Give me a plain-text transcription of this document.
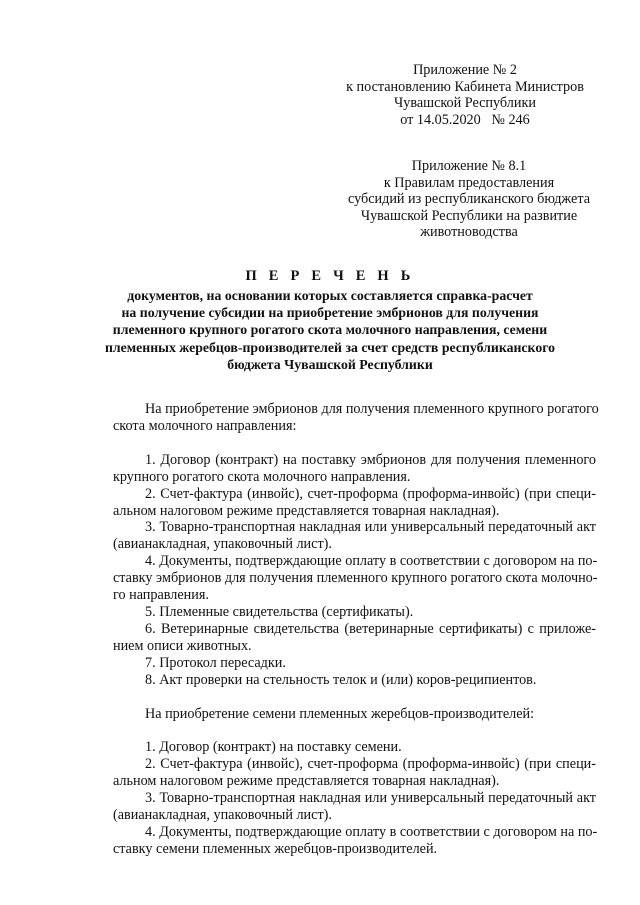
Приложение № 2
к постановлению Кабинета Министров
Чувашской Республики
от 14.05.2020   № 246
Приложение № 8.1
к Правилам предоставления
субсидий из республиканского бюджета
Чувашской Республики на развитие
животноводства
П Е Р Е Ч Е Н Ь
документов, на основании которых составляется справка-расчет
на получение субсидии на приобретение эмбрионов для получения
племенного крупного рогатого скота молочного направления, семени
племенных жеребцов-производителей за счет средств республиканского
бюджета Чувашской Республики
На приобретение эмбрионов для получения племенного крупного рогатого
скота молочного направления:
1. Договор (контракт) на поставку эмбрионов для получения племенного
крупного рогатого скота молочного направления.
2. Счет-фактура (инвойс), счет-проформа (проформа-инвойс) (при специ-
альном налоговом режиме представляется товарная накладная).
3. Товарно-транспортная накладная или универсальный передаточный акт
(авианакладная, упаковочный лист).
4. Документы, подтверждающие оплату в соответствии с договором на по-
ставку эмбрионов для получения племенного крупного рогатого скота молочно-
го направления.
5. Племенные свидетельства (сертификаты).
6. Ветеринарные свидетельства (ветеринарные сертификаты) с приложе-
нием описи животных.
7. Протокол пересадки.
8. Акт проверки на стельность телок и (или) коров-реципиентов.
На приобретение семени племенных жеребцов-производителей:
1. Договор (контракт) на поставку семени.
2. Счет-фактура (инвойс), счет-проформа (проформа-инвойс) (при специ-
альном налоговом режиме представляется товарная накладная).
3. Товарно-транспортная накладная или универсальный передаточный акт
(авианакладная, упаковочный лист).
4. Документы, подтверждающие оплату в соответствии с договором на по-
ставку семени племенных жеребцов-производителей.
